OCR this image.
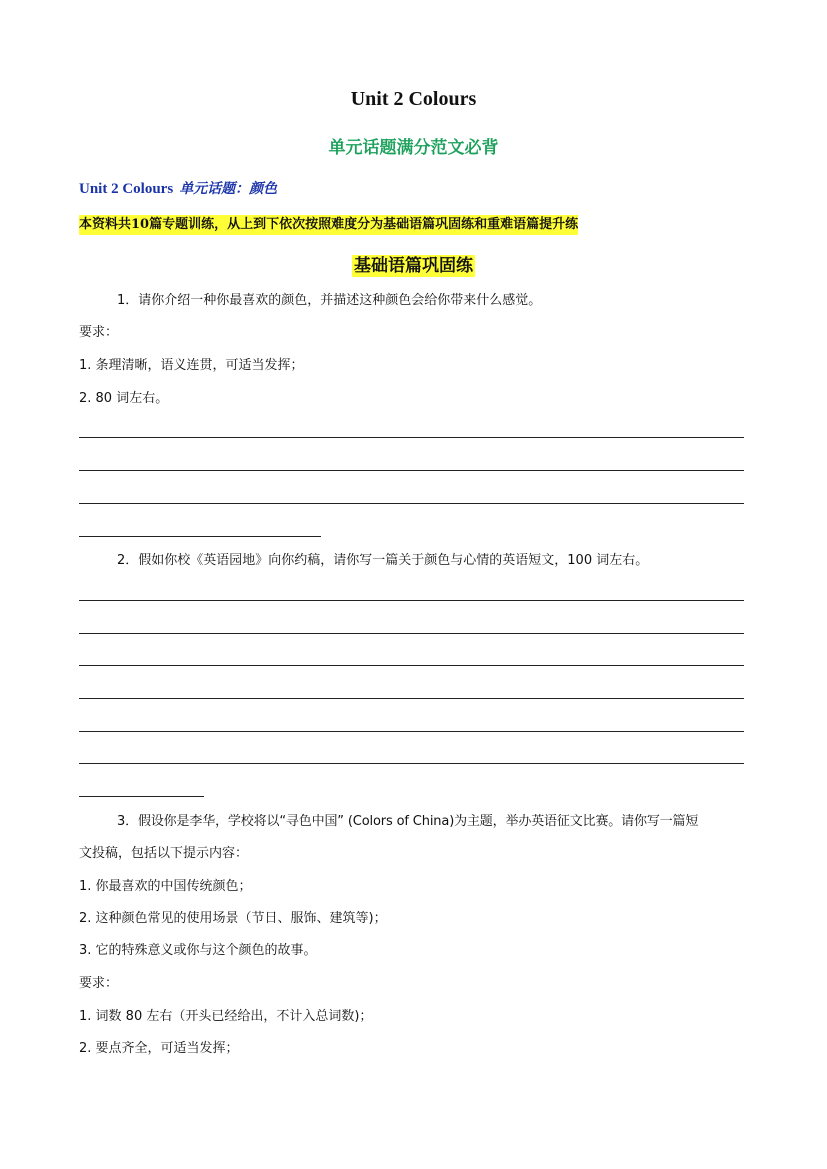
Unit 2 Colours
单元话题满分范文必背
Unit 2 Colours 单元话题：颜色
本资料共10篇专题训练，从上到下依次按照难度分为基础语篇巩固练和重难语篇提升练
基础语篇巩固练
1．请你介绍一种你最喜欢的颜色，并描述这种颜色会给你带来什么感觉。
要求：
1. 条理清晰，语义连贯，可适当发挥；
2. 80 词左右。
2．假如你校《英语园地》向你约稿，请你写一篇关于颜色与心情的英语短文，100 词左右。
3．假设你是李华，学校将以“寻色中国” (Colors of China)为主题，举办英语征文比赛。请你写一篇短
文投稿，包括以下提示内容：
1. 你最喜欢的中国传统颜色；
2. 这种颜色常见的使用场景（节日、服饰、建筑等)；
3. 它的特殊意义或你与这个颜色的故事。
要求：
1. 词数 80 左右（开头已经给出，不计入总词数)；
2. 要点齐全，可适当发挥；
